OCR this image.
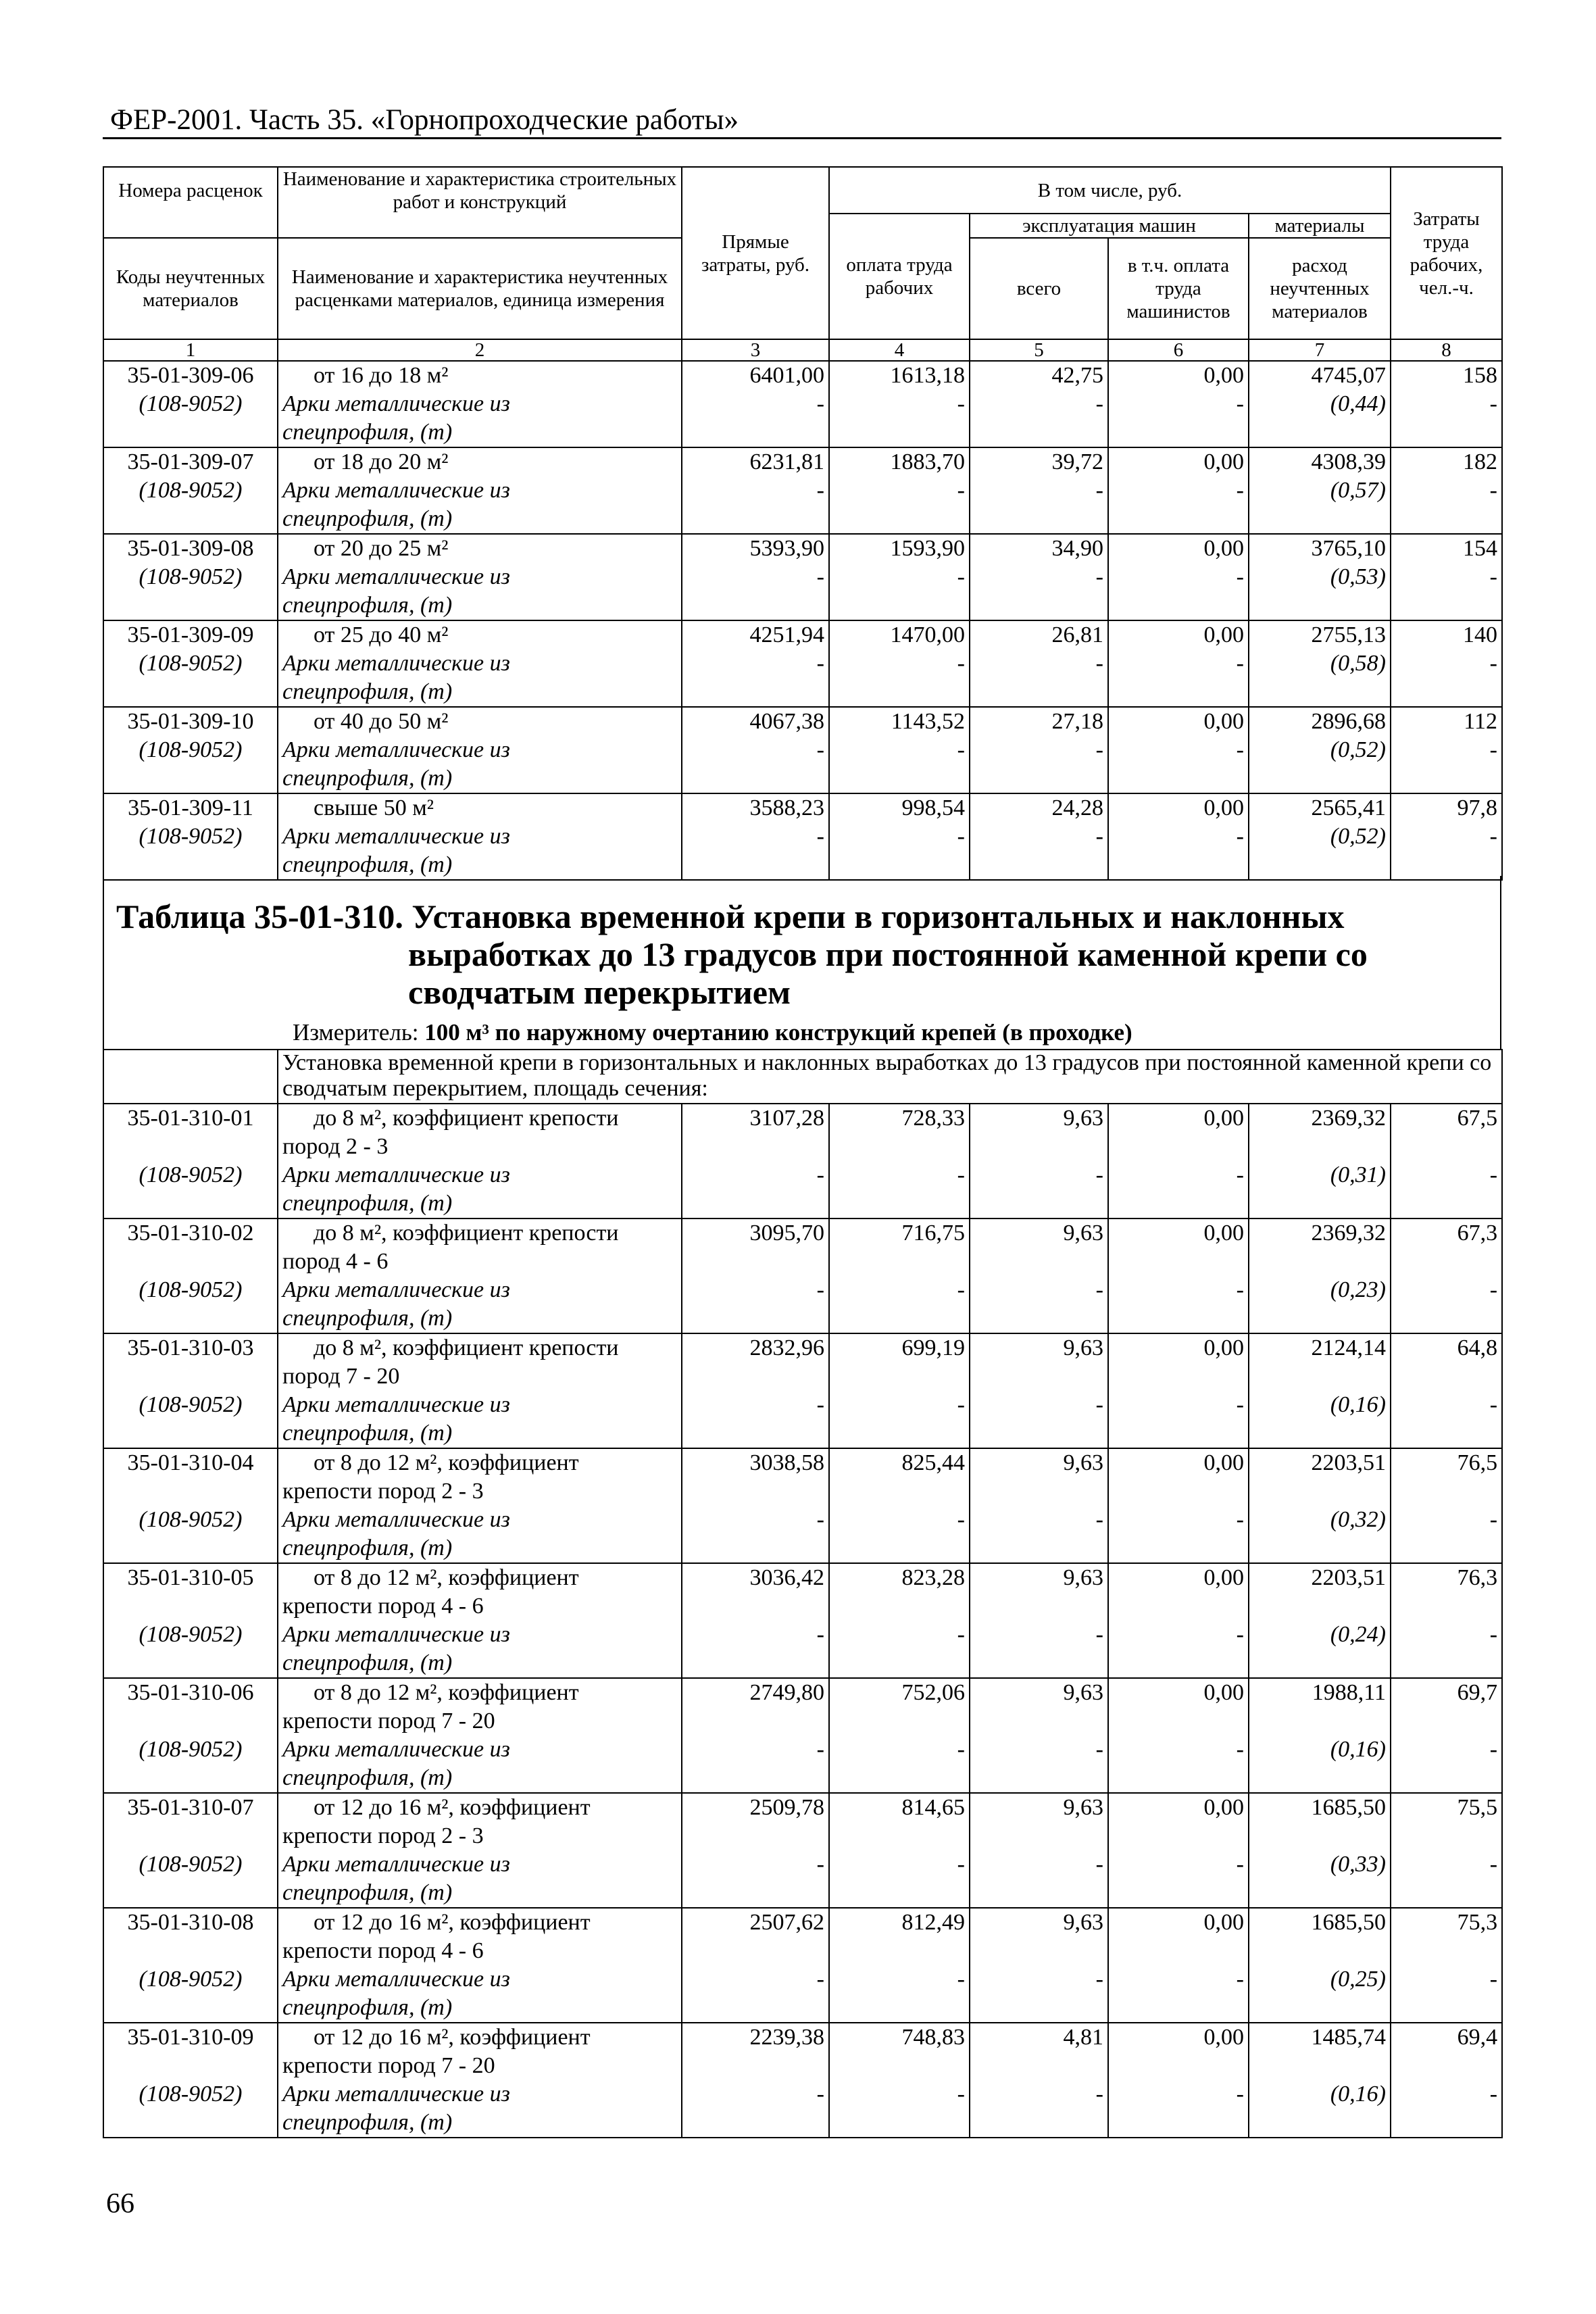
ФЕР-2001. Часть 35. «Горнопроходческие работы»
Номера расценок	Наименование и характеристика строительных работ и конструкций	Прямые затраты, руб.	В том числе, руб.				Затраты труда рабочих, чел.-ч.
			оплата труда рабочих	эксплуатация машин		материалы	
Коды неучтенных материалов	Наименование и характеристика неучтенных расценками материалов, единица измерения			всего	в т.ч. оплата труда машинистов	расход неучтенных материалов	
1	2	3	4	5	6	7	8
35-01-309-06	от 16 до 18 м²	6401,00	1613,18	42,75	0,00	4745,07	158
(108-9052)	Арки металлические из	-	-	-	-	(0,44)	-
	спецпрофиля, (т)						
35-01-309-07	от 18 до 20 м²	6231,81	1883,70	39,72	0,00	4308,39	182
(108-9052)	Арки металлические из	-	-	-	-	(0,57)	-
	спецпрофиля, (т)						
35-01-309-08	от 20 до 25 м²	5393,90	1593,90	34,90	0,00	3765,10	154
(108-9052)	Арки металлические из	-	-	-	-	(0,53)	-
	спецпрофиля, (т)						
35-01-309-09	от 25 до 40 м²	4251,94	1470,00	26,81	0,00	2755,13	140
(108-9052)	Арки металлические из	-	-	-	-	(0,58)	-
	спецпрофиля, (т)						
35-01-309-10	от 40 до 50 м²	4067,38	1143,52	27,18	0,00	2896,68	112
(108-9052)	Арки металлические из	-	-	-	-	(0,52)	-
	спецпрофиля, (т)						
35-01-309-11	свыше 50 м²	3588,23	998,54	24,28	0,00	2565,41	97,8
(108-9052)	Арки металлические из	-	-	-	-	(0,52)	-
	спецпрофиля, (т)						
Таблица 35-01-310. Установка временной крепи в горизонтальных и наклонных
выработках до 13 градусов при постоянной каменной крепи со
сводчатым перекрытием
Измеритель: 100 м³ по наружному очертанию конструкций крепей (в проходке)
	Установка временной крепи в горизонтальных и наклонных выработках до 13 градусов при постоянной каменной крепи со сводчатым перекрытием, площадь сечения:						
35-01-310-01	до 8 м², коэффициент крепости	3107,28	728,33	9,63	0,00	2369,32	67,5
	пород 2 - 3						
(108-9052)	Арки металлические из	-	-	-	-	(0,31)	-
	спецпрофиля, (т)						
35-01-310-02	до 8 м², коэффициент крепости	3095,70	716,75	9,63	0,00	2369,32	67,3
	пород 4 - 6						
(108-9052)	Арки металлические из	-	-	-	-	(0,23)	-
	спецпрофиля, (т)						
35-01-310-03	до 8 м², коэффициент крепости	2832,96	699,19	9,63	0,00	2124,14	64,8
	пород 7 - 20						
(108-9052)	Арки металлические из	-	-	-	-	(0,16)	-
	спецпрофиля, (т)						
35-01-310-04	от 8 до 12 м², коэффициент	3038,58	825,44	9,63	0,00	2203,51	76,5
	крепости пород 2 - 3						
(108-9052)	Арки металлические из	-	-	-	-	(0,32)	-
	спецпрофиля, (т)						
35-01-310-05	от 8 до 12 м², коэффициент	3036,42	823,28	9,63	0,00	2203,51	76,3
	крепости пород 4 - 6						
(108-9052)	Арки металлические из	-	-	-	-	(0,24)	-
	спецпрофиля, (т)						
35-01-310-06	от 8 до 12 м², коэффициент	2749,80	752,06	9,63	0,00	1988,11	69,7
	крепости пород 7 - 20						
(108-9052)	Арки металлические из	-	-	-	-	(0,16)	-
	спецпрофиля, (т)						
35-01-310-07	от 12 до 16 м², коэффициент	2509,78	814,65	9,63	0,00	1685,50	75,5
	крепости пород 2 - 3						
(108-9052)	Арки металлические из	-	-	-	-	(0,33)	-
	спецпрофиля, (т)						
35-01-310-08	от 12 до 16 м², коэффициент	2507,62	812,49	9,63	0,00	1685,50	75,3
	крепости пород 4 - 6						
(108-9052)	Арки металлические из	-	-	-	-	(0,25)	-
	спецпрофиля, (т)						
35-01-310-09	от 12 до 16 м², коэффициент	2239,38	748,83	4,81	0,00	1485,74	69,4
	крепости пород 7 - 20						
(108-9052)	Арки металлические из	-	-	-	-	(0,16)	-
	спецпрофиля, (т)						
66
